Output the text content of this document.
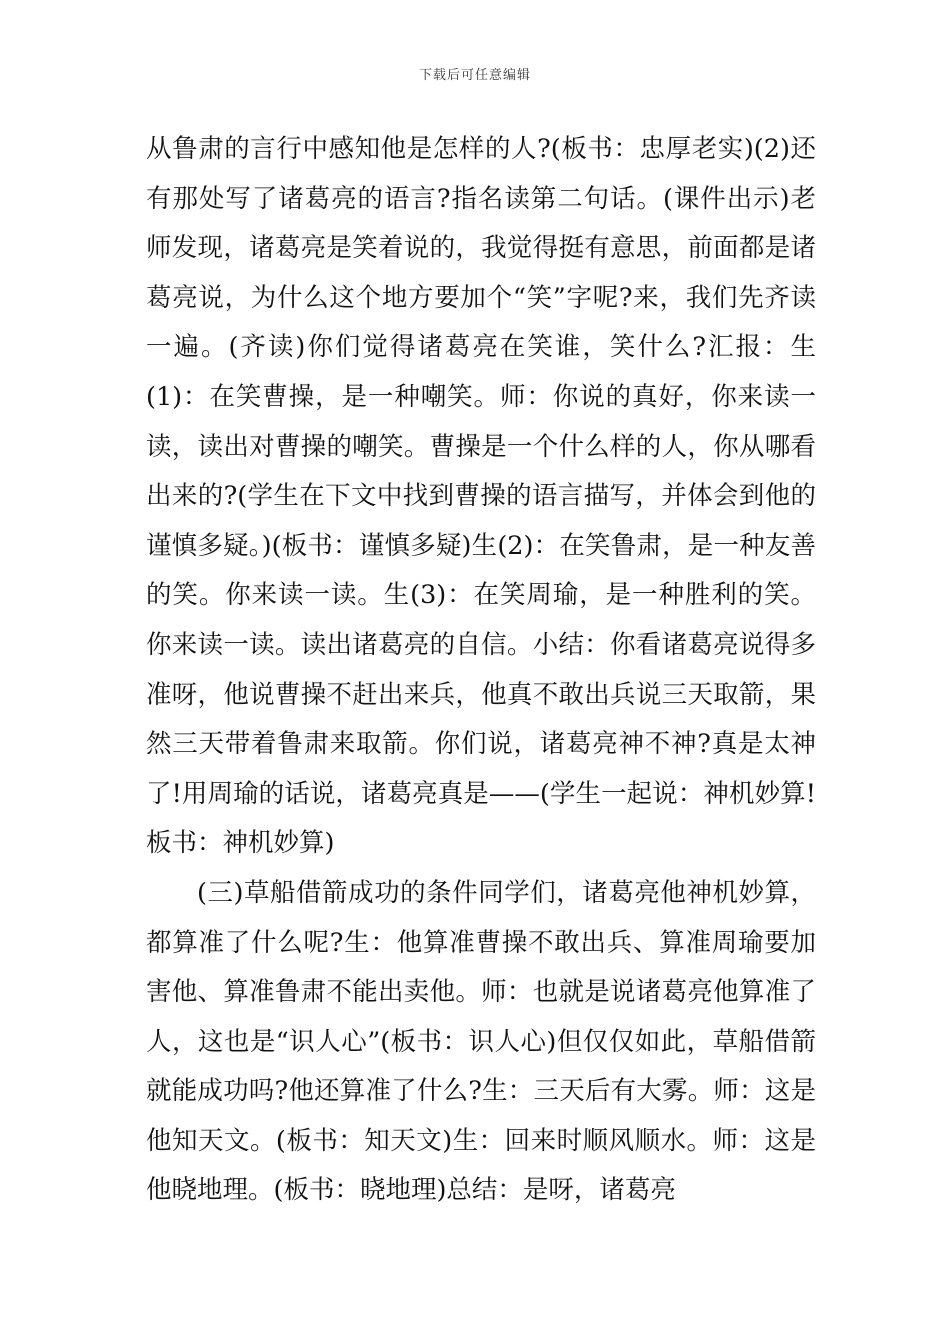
下载后可任意编辑

从鲁肃的言行中感知他是怎样的人?(板书：忠厚老实)(2)还有那处写了诸葛亮的语言?指名读第二句话。(课件出示)老师发现，诸葛亮是笑着说的，我觉得挺有意思，前面都是诸葛亮说，为什么这个地方要加个“笑”字呢?来，我们先齐读一遍。(齐读)你们觉得诸葛亮在笑谁，笑什么?汇报：生(1)：在笑曹操，是一种嘲笑。师：你说的真好，你来读一读，读出对曹操的嘲笑。曹操是一个什么样的人，你从哪看出来的?(学生在下文中找到曹操的语言描写，并体会到他的谨慎多疑。)(板书：谨慎多疑)生(2)：在笑鲁肃，是一种友善的笑。你来读一读。生(3)：在笑周瑜，是一种胜利的笑。你来读一读。读出诸葛亮的自信。小结：你看诸葛亮说得多准呀，他说曹操不赶出来兵，他真不敢出兵说三天取箭，果然三天带着鲁肃来取箭。你们说，诸葛亮神不神?真是太神了!用周瑜的话说，诸葛亮真是——(学生一起说：神机妙算!板书：神机妙算)

(三)草船借箭成功的条件同学们，诸葛亮他神机妙算，都算准了什么呢?生：他算准曹操不敢出兵、算准周瑜要加害他、算准鲁肃不能出卖他。师：也就是说诸葛亮他算准了人，这也是“识人心”(板书：识人心)但仅仅如此，草船借箭就能成功吗?他还算准了什么?生：三天后有大雾。师：这是他知天文。(板书：知天文)生：回来时顺风顺水。师：这是他晓地理。(板书：晓地理)总结：是呀，诸葛亮
